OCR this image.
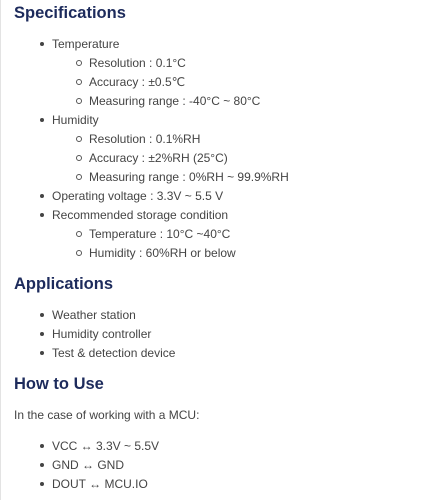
Specifications
Temperature
Resolution : 0.1°C
Accuracy : ±0.5℃
Measuring range : -40°C ~ 80°C
Humidity
Resolution : 0.1%RH
Accuracy : ±2%RH (25°C)
Measuring range : 0%RH ~ 99.9%RH
Operating voltage : 3.3V ~ 5.5 V
Recommended storage condition
Temperature : 10°C ~40°C
Humidity : 60%RH or below
Applications
Weather station
Humidity controller
Test & detection device
How to Use
In the case of working with a MCU:
VCC ↔ 3.3V ~ 5.5V
GND ↔ GND
DOUT ↔ MCU.IO
